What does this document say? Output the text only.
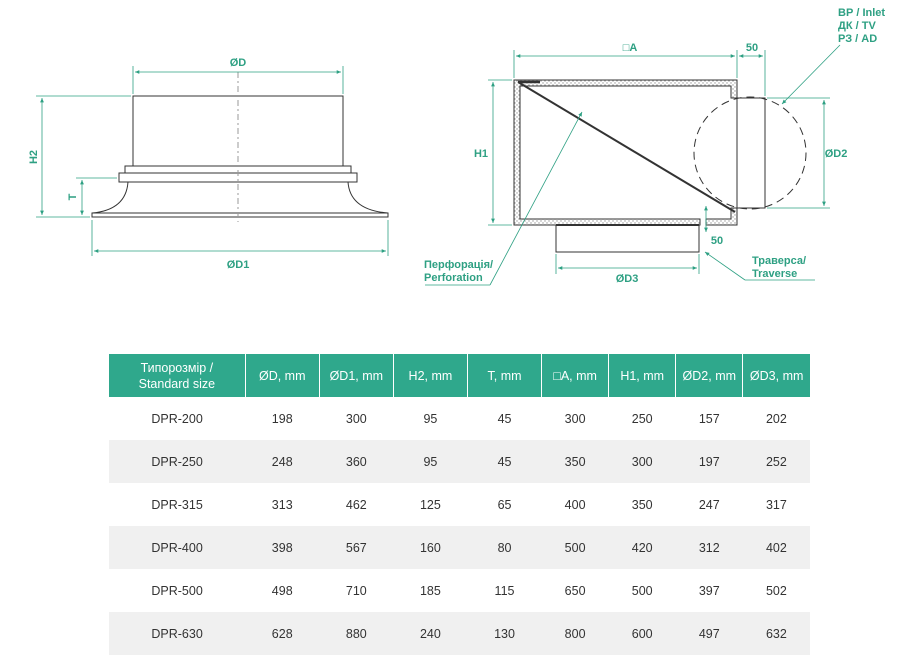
ØD
ØD1
H2
T
□A	50
H1	ØD2
ØD3
50
ВР / Inlet
ДК / TV
РЗ / AD
Перфорація/
Perforation
Траверса/
Traverse
Типорозмір /
Standard size	ØD, mm	ØD1, mm	H2, mm	T, mm	□A, mm	H1, mm	ØD2, mm	ØD3, mm
DPR-200	198	300	95	45	300	250	157	202
DPR-250	248	360	95	45	350	300	197	252
DPR-315	313	462	125	65	400	350	247	317
DPR-400	398	567	160	80	500	420	312	402
DPR-500	498	710	185	115	650	500	397	502
DPR-630	628	880	240	130	800	600	497	632
